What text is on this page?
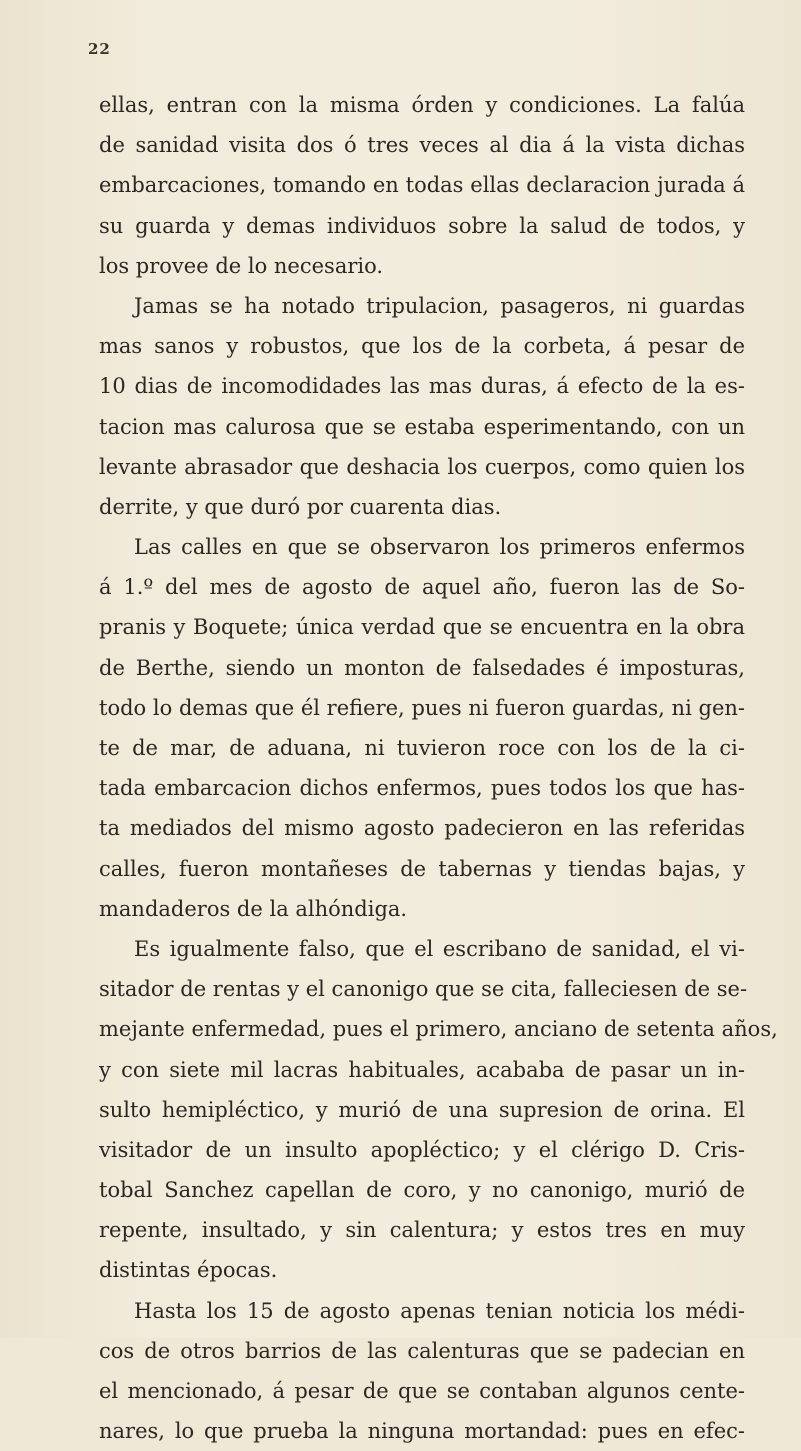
22
ellas, entran con la misma órden y condiciones. La falúa
de sanidad visita dos ó tres veces al dia á la vista dichas
embarcaciones, tomando en todas ellas declaracion jurada á
su guarda y demas individuos sobre la salud de todos, y
los provee de lo necesario.
Jamas se ha notado tripulacion, pasageros, ni guardas
mas sanos y robustos, que los de la corbeta, á pesar de
10 dias de incomodidades las mas duras, á efecto de la es-
tacion mas calurosa que se estaba esperimentando, con un
levante abrasador que deshacia los cuerpos, como quien los
derrite, y que duró por cuarenta dias.
Las calles en que se observaron los primeros enfermos
á 1.º del mes de agosto de aquel año, fueron las de So-
pranis y Boquete; única verdad que se encuentra en la obra
de Berthe, siendo un monton de falsedades é imposturas,
todo lo demas que él refiere, pues ni fueron guardas, ni gen-
te de mar, de aduana, ni tuvieron roce con los de la ci-
tada embarcacion dichos enfermos, pues todos los que has-
ta mediados del mismo agosto padecieron en las referidas
calles, fueron montañeses de tabernas y tiendas bajas, y
mandaderos de la alhóndiga.
Es igualmente falso, que el escribano de sanidad, el vi-
sitador de rentas y el canonigo que se cita, falleciesen de se-
mejante enfermedad, pues el primero, anciano de setenta años,
y con siete mil lacras habituales, acababa de pasar un in-
sulto hemipléctico, y murió de una supresion de orina. El
visitador de un insulto apopléctico; y el clérigo D. Cris-
tobal Sanchez capellan de coro, y no canonigo, murió de
repente, insultado, y sin calentura; y estos tres en muy
distintas épocas.
Hasta los 15 de agosto apenas tenian noticia los médi-
cos de otros barrios de las calenturas que se padecian en
el mencionado, á pesar de que se contaban algunos cente-
nares, lo que prueba la ninguna mortandad: pues en efec-
